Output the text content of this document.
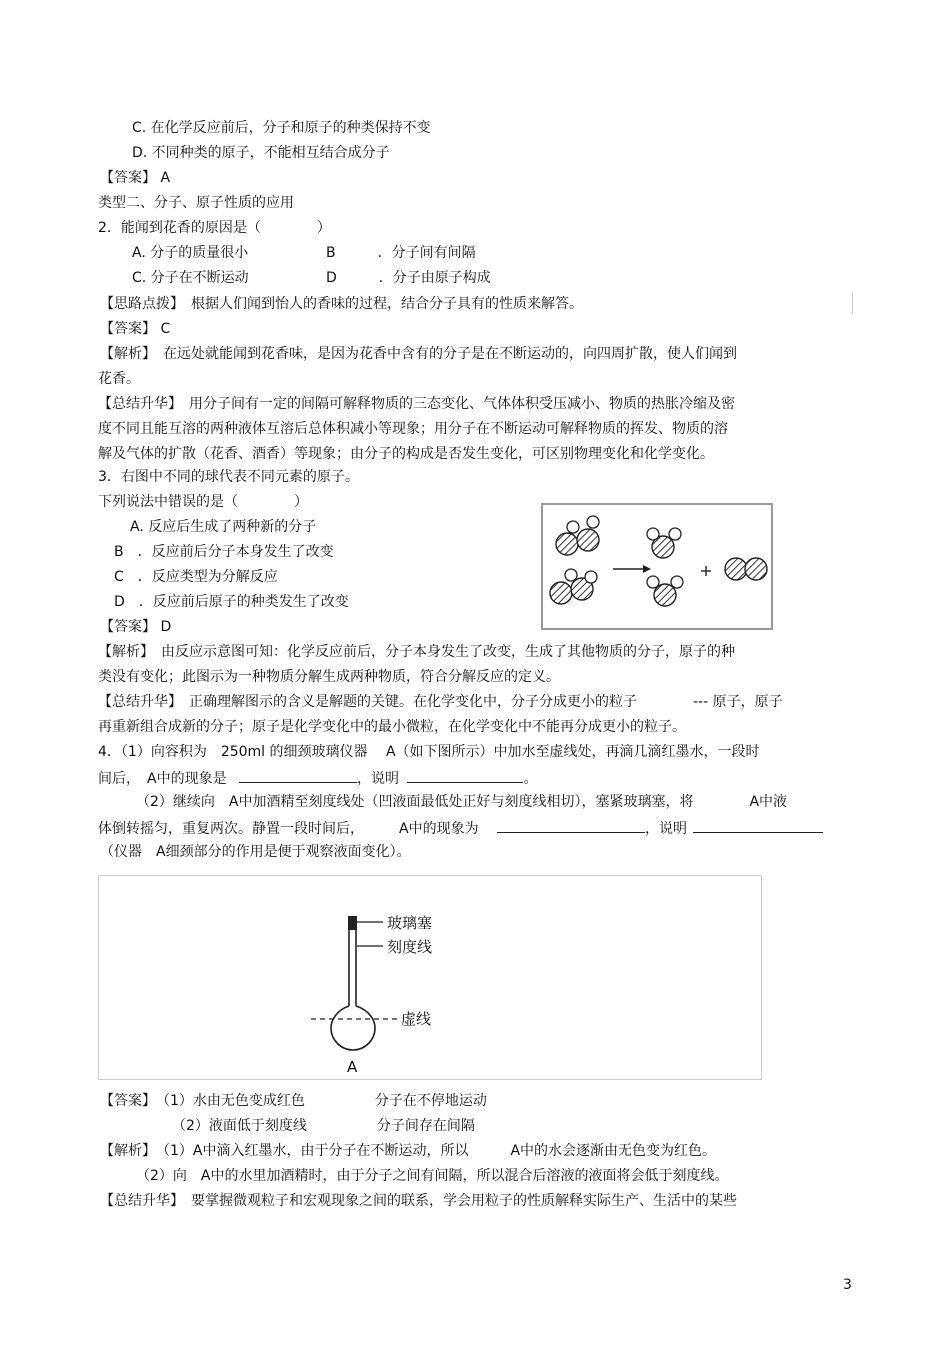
C. 在化学反应前后，分子和原子的种类保持不变
D. 不同种类的原子，不能相互结合成分子
【答案】 A
类型二、分子、原子性质的应用
2．能闻到花香的原因是（　　　　）
A. 分子的质量很小	B　　　．分子间有间隔
C. 分子在不断运动	D　　　．分子由原子构成
【思路点拨】　根据人们闻到怡人的香味的过程，结合分子具有的性质来解答。
【答案】 C
【解析】　在远处就能闻到花香味，是因为花香中含有的分子是在不断运动的，向四周扩散，使人们闻到
花香。
【总结升华】　用分子间有一定的间隔可解释物质的三态变化、气体体积受压减小、物质的热胀冷缩及密
度不同且能互溶的两种液体互溶后总体积减小等现象；用分子在不断运动可解释物质的挥发、物质的溶
解及气体的扩散（花香、酒香）等现象；由分子的构成是否发生变化，可区别物理变化和化学变化。
3．右图中不同的球代表不同元素的原子。
下列说法中错误的是（　　　　）
A. 反应后生成了两种新的分子
B　．反应前后分子本身发生了改变
C　．反应类型为分解反应
D　．反应前后原子的种类发生了改变
【答案】 D
【解析】　由反应示意图可知：化学反应前后，分子本身发生了改变，生成了其他物质的分子，原子的种
类没有变化；此图示为一种物质分解生成两种物质，符合分解反应的定义。
【总结升华】　正确理解图示的含义是解题的关键。在化学变化中，分子分成更小的粒子　　　　--- 原子，原子
再重新组合成新的分子；原子是化学变化中的最小微粒，在化学变化中不能再分成更小的粒子。
4．（1）向容积为　250ml 的细颈玻璃仪器　 A（如下图所示）中加水至虚线处，再滴几滴红墨水，一段时
间后，　A中的现象是	，说明	。
（2）继续向　A中加酒精至刻度线处（凹液面最低处正好与刻度线相切），塞紧玻璃塞，将　　　　A中液
体倒转摇匀，重复两次。静置一段时间后，　　　A中的现象为	，说明
（仪器　A细颈部分的作用是便于观察液面变化）。
玻璃塞
刻度线
虚线
A
【答案】　（1）水由无色变成红色　　　　　分子在不停地运动
（2）液面低于刻度线　　　　　分子间存在间隔
【解析】　（1）A中滴入红墨水，由于分子在不断运动，所以　　　A中的水会逐渐由无色变为红色。
（2）向　A中的水里加酒精时，由于分子之间有间隔，所以混合后溶液的液面将会低于刻度线。
【总结升华】　要掌握微观粒子和宏观现象之间的联系，学会用粒子的性质解释实际生产、生活中的某些
3
